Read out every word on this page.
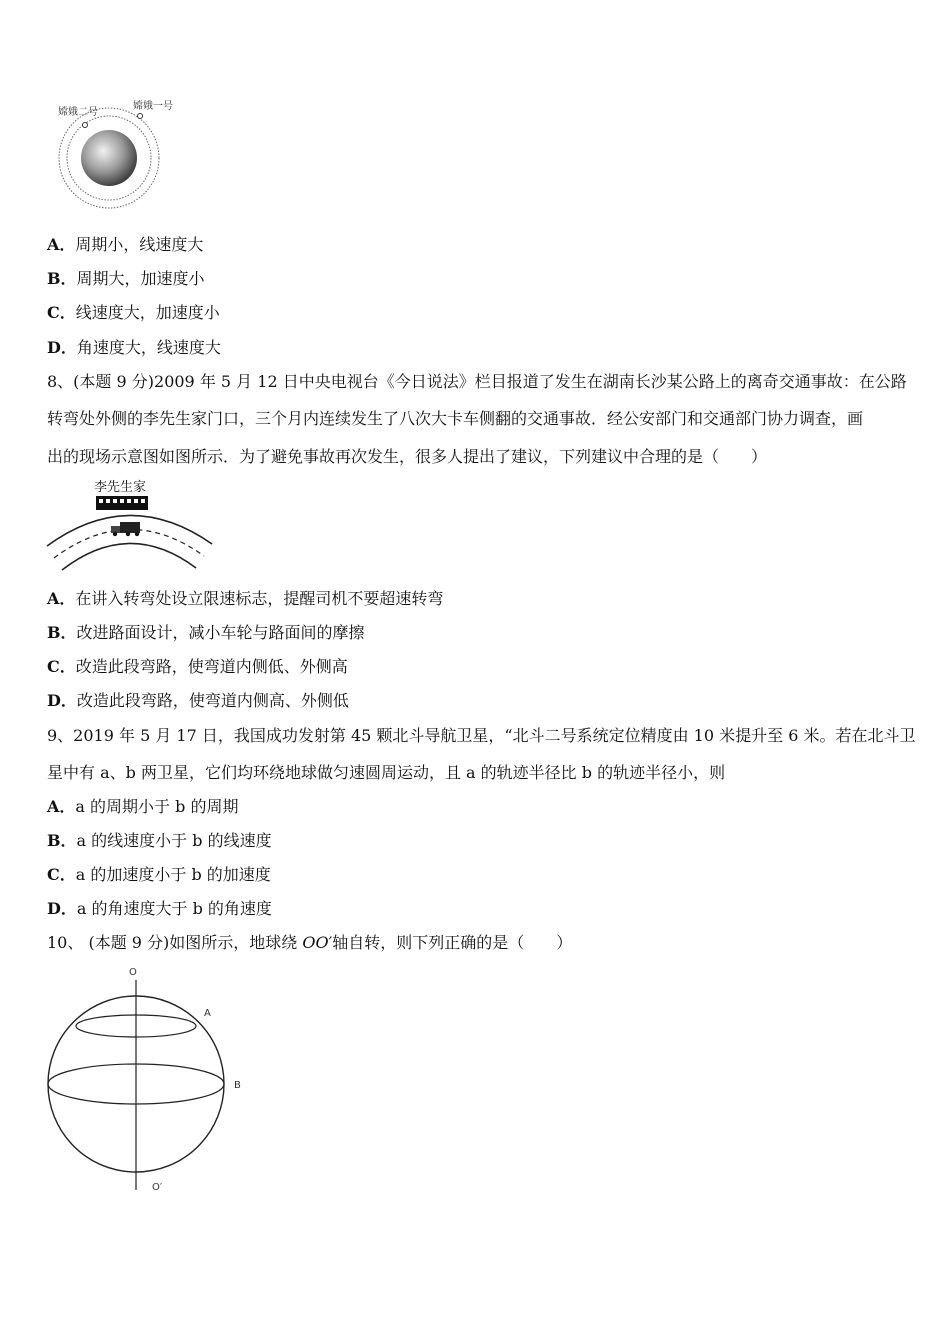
嫦娥二号
嫦娥一号
A．周期小，线速度大
B．周期大，加速度小
C．线速度大，加速度小
D．角速度大，线速度大
8、(本题 9 分)2009 年 5 月 12 日中央电视台《今日说法》栏目报道了发生在湖南长沙某公路上的离奇交通事故：在公路
转弯处外侧的李先生家门口，三个月内连续发生了八次大卡车侧翻的交通事故．经公安部门和交通部门协力调查，画
出的现场示意图如图所示．为了避免事故再次发生，很多人提出了建议，下列建议中合理的是（　　）
李先生家
A．在讲入转弯处设立限速标志，提醒司机不要超速转弯
B．改进路面设计，减小车轮与路面间的摩擦
C．改造此段弯路，使弯道内侧低、外侧高
D．改造此段弯路，使弯道内侧高、外侧低
9、2019 年 5 月 17 日，我国成功发射第 45 颗北斗导航卫星，“北斗二号系统定位精度由 10 米提升至 6 米。若在北斗卫
星中有 a、b 两卫星，它们均环绕地球做匀速圆周运动，且 a 的轨迹半径比 b 的轨迹半径小，则
A．a 的周期小于 b 的周期
B．a 的线速度小于 b 的线速度
C．a 的加速度小于 b 的加速度
D．a 的角速度大于 b 的角速度
10、 (本题 9 分)如图所示，地球绕 OO′轴自转，则下列正确的是（　　）
O
A
B
O′
